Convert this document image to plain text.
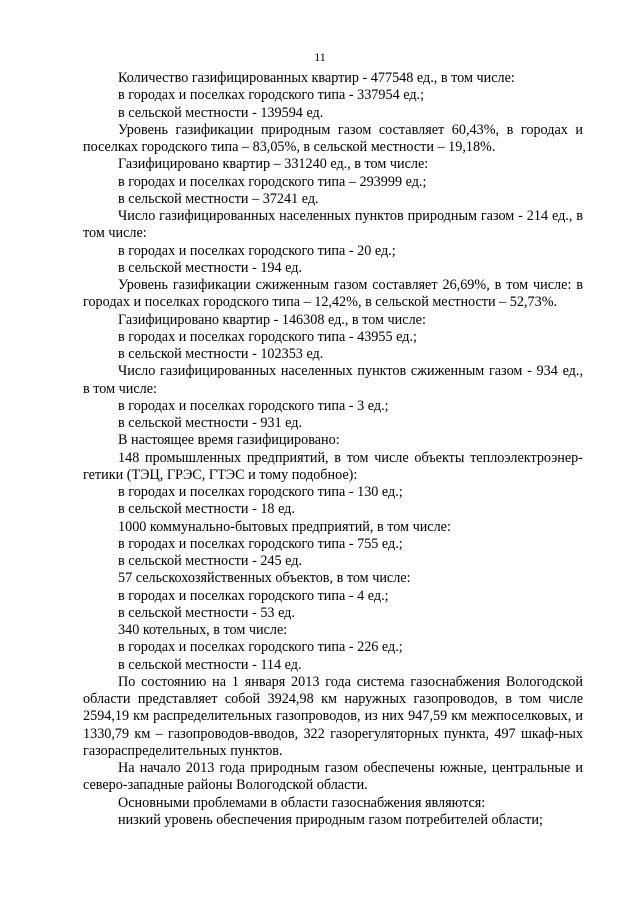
11

Количество газифицированных квартир - 477548 ед., в том числе:

в городах и поселках городского типа - 337954 ед.;

в сельской местности - 139594 ед.

Уровень газификации природным газом составляет 60,43%, в городах и поселках городского типа – 83,05%, в сельской местности – 19,18%.

Газифицировано квартир – 331240 ед., в том числе:

в городах и поселках городского типа – 293999 ед.;

в сельской местности – 37241 ед.

Число газифицированных населенных пунктов природным газом - 214 ед., в том числе:

в городах и поселках городского типа - 20 ед.;

в сельской местности - 194 ед.

Уровень газификации сжиженным газом составляет 26,69%, в том числе: в городах и поселках городского типа – 12,42%, в сельской местности – 52,73%.

Газифицировано квартир - 146308 ед., в том числе:

в городах и поселках городского типа - 43955 ед.;

в сельской местности - 102353 ед.

Число газифицированных населенных пунктов сжиженным газом - 934 ед., в том числе:

в городах и поселках городского типа - 3 ед.;

в сельской местности - 931 ед.

В настоящее время газифицировано:

148 промышленных предприятий, в том числе объекты теплоэлектроэнер-

гетики (ТЭЦ, ГРЭС, ГТЭС и тому подобное):

в городах и поселках городского типа - 130 ед.;

в сельской местности - 18 ед.

1000 коммунально-бытовых предприятий, в том числе:

в городах и поселках городского типа - 755 ед.;

в сельской местности - 245 ед.

57 сельскохозяйственных объектов, в том числе:

в городах и поселках городского типа - 4 ед.;

в сельской местности - 53 ед.

340 котельных, в том числе:

в городах и поселках городского типа - 226 ед.;

в сельской местности - 114 ед.

По состоянию на 1 января 2013 года система газоснабжения Вологодской области представляет собой 3924,98 км наружных газопроводов, в том числе 2594,19 км распределительных газопроводов, из них 947,59 км межпоселковых, и 1330,79 км – газопроводов-вводов, 322 газорегуляторных пункта, 497 шкаф-ных газораспределительных пунктов.

На начало 2013 года природным газом обеспечены южные, центральные и северо-западные районы Вологодской области.

Основными проблемами в области газоснабжения являются:

низкий уровень обеспечения природным газом потребителей области;
